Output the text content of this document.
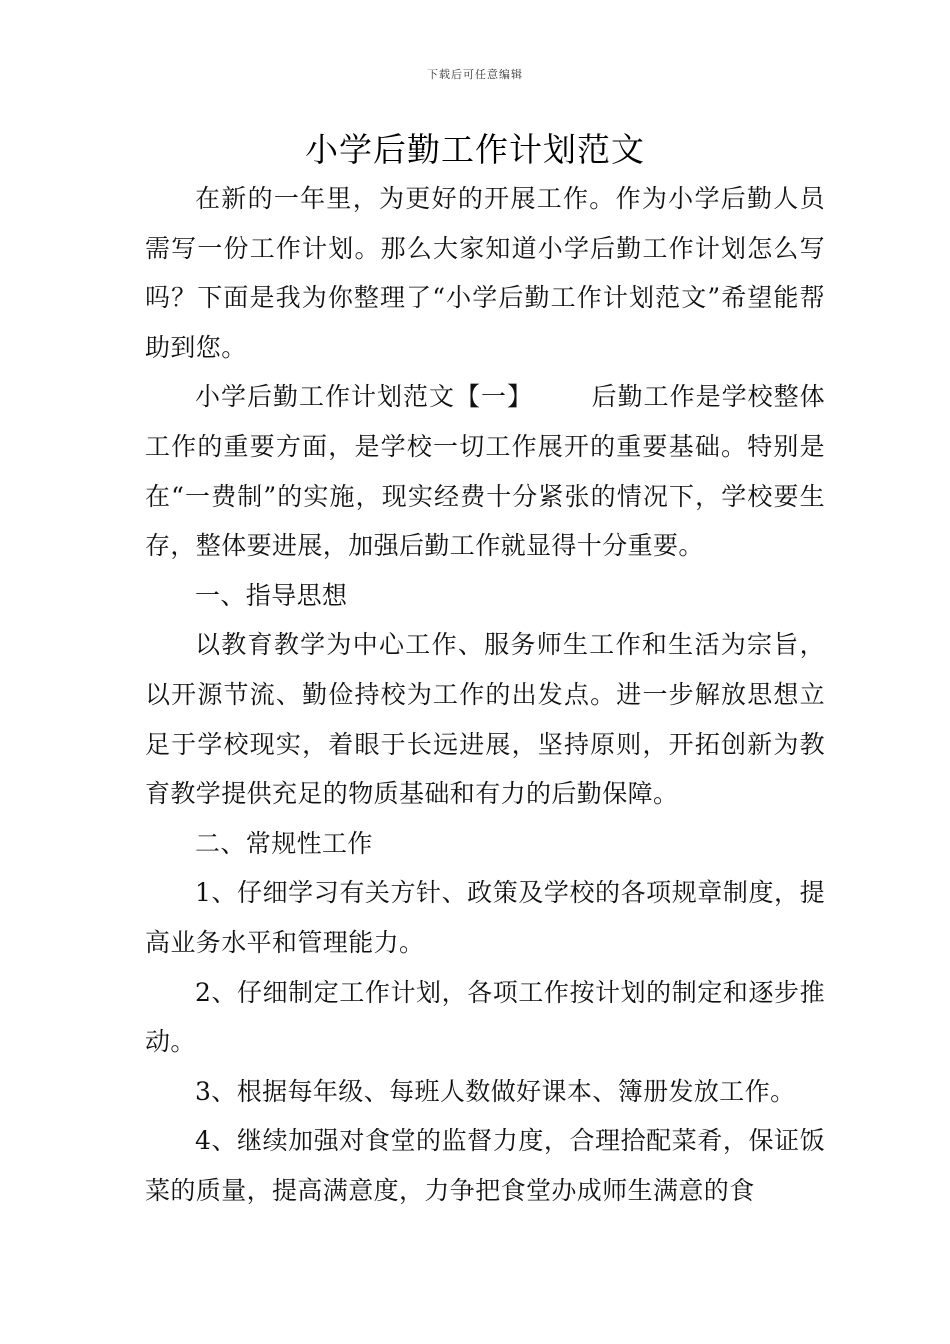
下载后可任意编辑
小学后勤工作计划范文

在新的一年里，为更好的开展工作。作为小学后勤人员需写一份工作计划。那么大家知道小学后勤工作计划怎么写吗？下面是我为你整理了“小学后勤工作计划范文”希望能帮助到您。

小学后勤工作计划范文【一】 后勤工作是学校整体工作的重要方面，是学校一切工作展开的重要基础。特别是在“一费制”的实施，现实经费十分紧张的情况下，学校要生存，整体要进展，加强后勤工作就显得十分重要。

一、指导思想

以教育教学为中心工作、服务师生工作和生活为宗旨，以开源节流、勤俭持校为工作的出发点。进一步解放思想立足于学校现实，着眼于长远进展，坚持原则，开拓创新为教育教学提供充足的物质基础和有力的后勤保障。

二、常规性工作

1、仔细学习有关方针、政策及学校的各项规章制度，提高业务水平和管理能力。

2、仔细制定工作计划，各项工作按计划的制定和逐步推动。

3、根据每年级、每班人数做好课本、簿册发放工作。

4、继续加强对食堂的监督力度，合理拾配菜肴，保证饭菜的质量，提高满意度，力争把食堂办成师生满意的食
